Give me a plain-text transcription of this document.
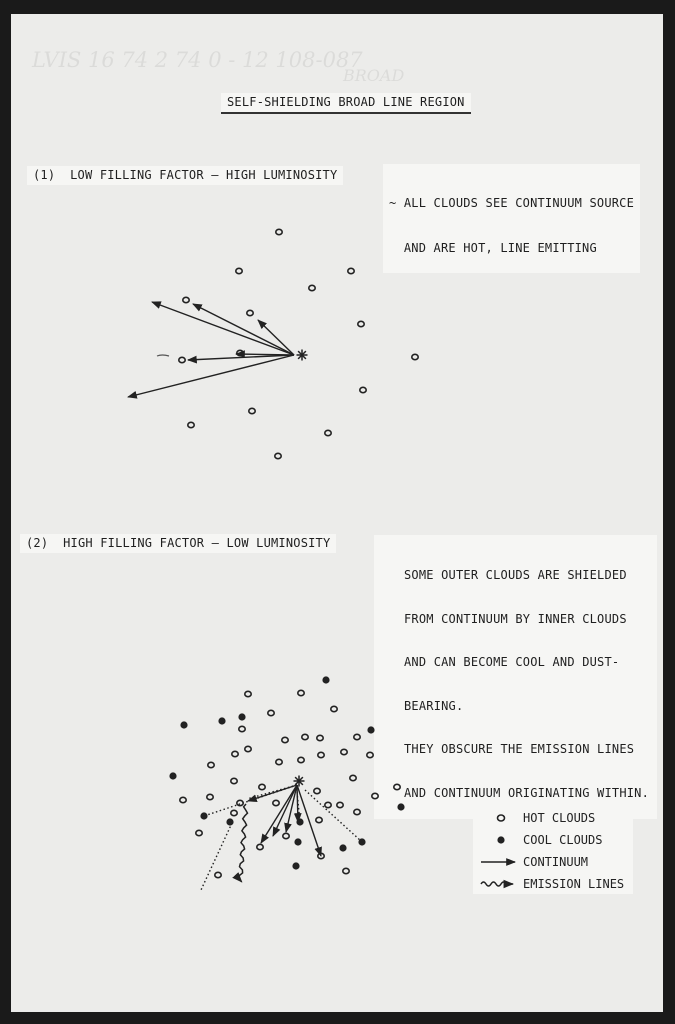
LVIS 16 74 2 74 0 - 12 108-087
BROAD
SELF-SHIELDING BROAD LINE REGION
(1)  LOW FILLING FACTOR — HIGH LUMINOSITY

~ ALL CLOUDS SEE CONTINUUM SOURCE

AND ARE HOT, LINE EMITTING

(2)  HIGH FILLING FACTOR — LOW LUMINOSITY

SOME OUTER CLOUDS ARE SHIELDED

FROM CONTINUUM BY INNER CLOUDS

AND CAN BECOME COOL AND DUST-

BEARING.

THEY OBSCURE THE EMISSION LINES

AND CONTINUUM ORIGINATING WITHIN.

HOT CLOUDS
COOL CLOUDS
CONTINUUM
EMISSION LINES
